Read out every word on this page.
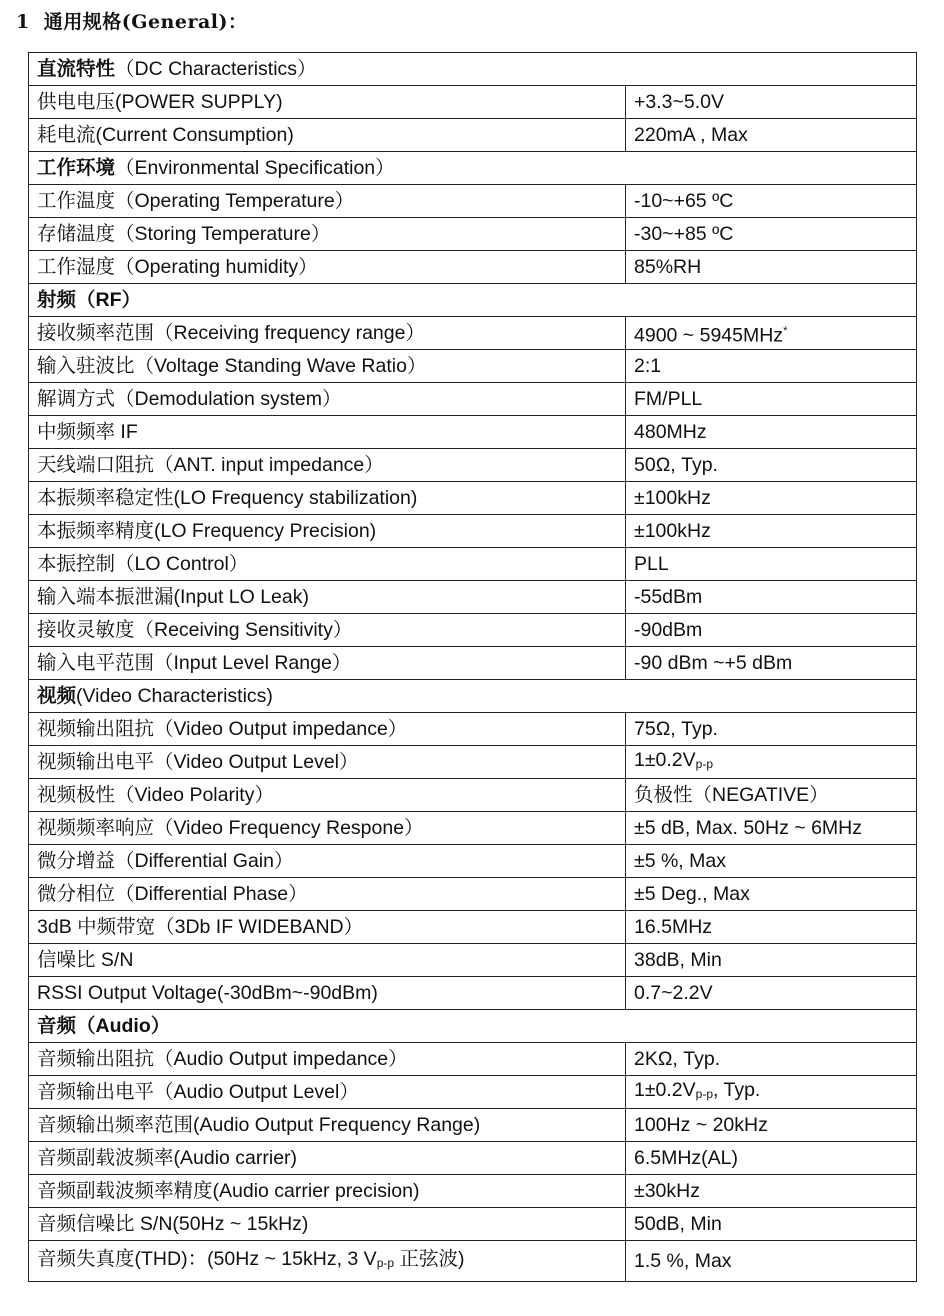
1 通用规格(General)：
直流特性（DC Characteristics）	
供电电压(POWER SUPPLY)	+3.3~5.0V
耗电流(Current Consumption)	220mA , Max
工作环境（Environmental Specification）	
工作温度（Operating Temperature）	-10~+65 ºC
存储温度（Storing Temperature）	-30~+85 ºC
工作湿度（Operating humidity）	85%RH
射频（RF）	
接收频率范围（Receiving frequency range）	4900 ~ 5945MHz*
输入驻波比（Voltage Standing Wave Ratio）	2:1
解调方式（Demodulation system）	FM/PLL
中频频率 IF	480MHz
天线端口阻抗（ANT. input impedance）	50Ω, Typ.
本振频率稳定性(LO Frequency stabilization)	±100kHz
本振频率精度(LO Frequency Precision)	±100kHz
本振控制（LO Control）	PLL
输入端本振泄漏(Input LO Leak)	-55dBm
接收灵敏度（Receiving Sensitivity）	-90dBm
输入电平范围（Input Level Range）	-90 dBm ~+5 dBm
视频(Video Characteristics)	
视频输出阻抗（Video Output impedance）	75Ω, Typ.
视频输出电平（Video Output Level）	$1\pm 0.2V_{p-p}$
视频极性（Video Polarity）	负极性（NEGATIVE）
视频频率响应（Video Frequency Respone）	±5 dB, Max. 50Hz ~ 6MHz
微分增益（Differential Gain）	±5 %, Max
微分相位（Differential Phase）	±5 Deg., Max
3dB 中频带宽（3Db IF WIDEBAND）	16.5MHz
信噪比 S/N	38dB, Min
RSSI Output Voltage(-30dBm~-90dBm)	0.7~2.2V
音频（Audio）	
音频输出阻抗（Audio Output impedance）	2KΩ, Typ.
音频输出电平（Audio Output Level）	$1\pm 0.2V_{p-p}$, Typ.
音频输出频率范围(Audio Output Frequency Range)	100Hz ~ 20kHz
音频副载波频率(Audio carrier)	6.5MHz(AL)
音频副载波频率精度(Audio carrier precision)	±30kHz
音频信噪比 S/N(50Hz ~ 15kHz)	50dB, Min
音频失真度(THD)：(50Hz ~ 15kHz, 3 $V_{p-p}$ 正弦波)	1.5 %, Max
